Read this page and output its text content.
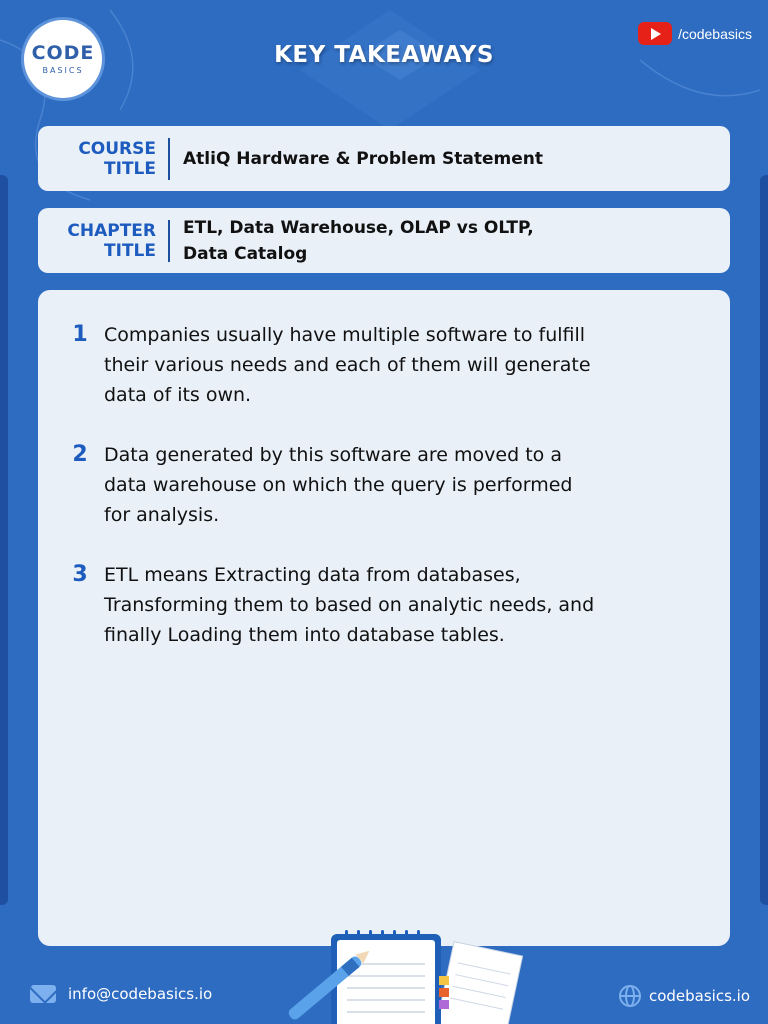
CODE
BASICS
KEY TAKEAWAYS
/codebasics
COURSE
TITLE	AtliQ Hardware & Problem Statement
CHAPTER
TITLE
ETL, Data Warehouse, OLAP vs OLTP,
Data Catalog
1 Companies usually have multiple software to fulfill
their various needs and each of them will generate
data of its own.
2 Data generated by this software are moved to a
data warehouse on which the query is performed
for analysis.
3 ETL means Extracting data from databases,
Transforming them to based on analytic needs, and
finally Loading them into database tables.
info@codebasics.io	codebasics.io
